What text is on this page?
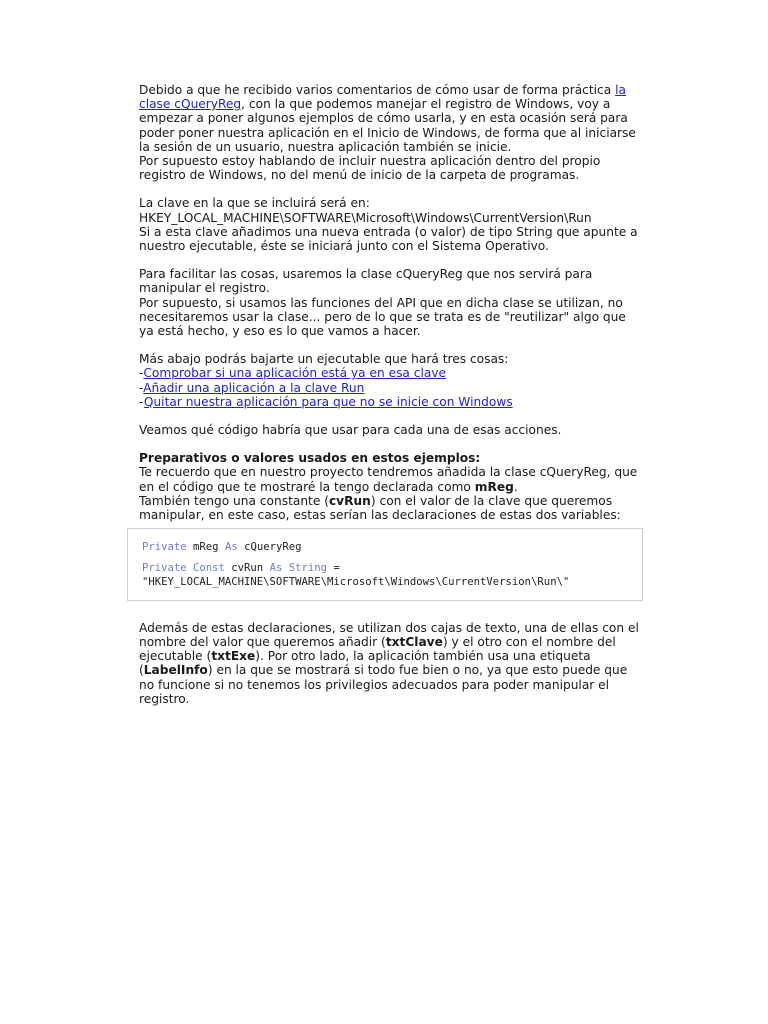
Debido a que he recibido varios comentarios de cómo usar de forma práctica la clase cQueryReg, con la que podemos manejar el registro de Windows, voy a empezar a poner algunos ejemplos de cómo usarla, y en esta ocasión será para poder poner nuestra aplicación en el Inicio de Windows, de forma que al iniciarse la sesión de un usuario, nuestra aplicación también se inicie.
Por supuesto estoy hablando de incluir nuestra aplicación dentro del propio registro de Windows, no del menú de inicio de la carpeta de programas.

La clave en la que se incluirá será en:
HKEY_LOCAL_MACHINE\SOFTWARE\Microsoft\Windows\CurrentVersion\Run
Si a esta clave añadimos una nueva entrada (o valor) de tipo String que apunte a nuestro ejecutable, éste se iniciará junto con el Sistema Operativo.

Para facilitar las cosas, usaremos la clase cQueryReg que nos servirá para manipular el registro.
Por supuesto, si usamos las funciones del API que en dicha clase se utilizan, no necesitaremos usar la clase... pero de lo que se trata es de "reutilizar" algo que ya está hecho, y eso es lo que vamos a hacer.

Más abajo podrás bajarte un ejecutable que hará tres cosas:
-Comprobar si una aplicación está ya en esa clave
-Añadir una aplicación a la clave Run
-Quitar nuestra aplicación para que no se inicie con Windows

Veamos qué código habría que usar para cada una de esas acciones.

Preparativos o valores usados en estos ejemplos:
Te recuerdo que en nuestro proyecto tendremos añadida la clase cQueryReg, que en el código que te mostraré la tengo declarada como mReg.
También tengo una constante (cvRun) con el valor de la clave que queremos manipular, en este caso, estas serían las declaraciones de estas dos variables:

Private mReg As cQueryReg
Private Const cvRun As String =
"HKEY_LOCAL_MACHINE\SOFTWARE\Microsoft\Windows\CurrentVersion\Run\"

Además de estas declaraciones, se utilizan dos cajas de texto, una de ellas con el nombre del valor que queremos añadir (txtClave) y el otro con el nombre del ejecutable (txtExe). Por otro lado, la aplicación también usa una etiqueta (LabelInfo) en la que se mostrará si todo fue bien o no, ya que esto puede que no funcione si no tenemos los privilegios adecuados para poder manipular el registro.
